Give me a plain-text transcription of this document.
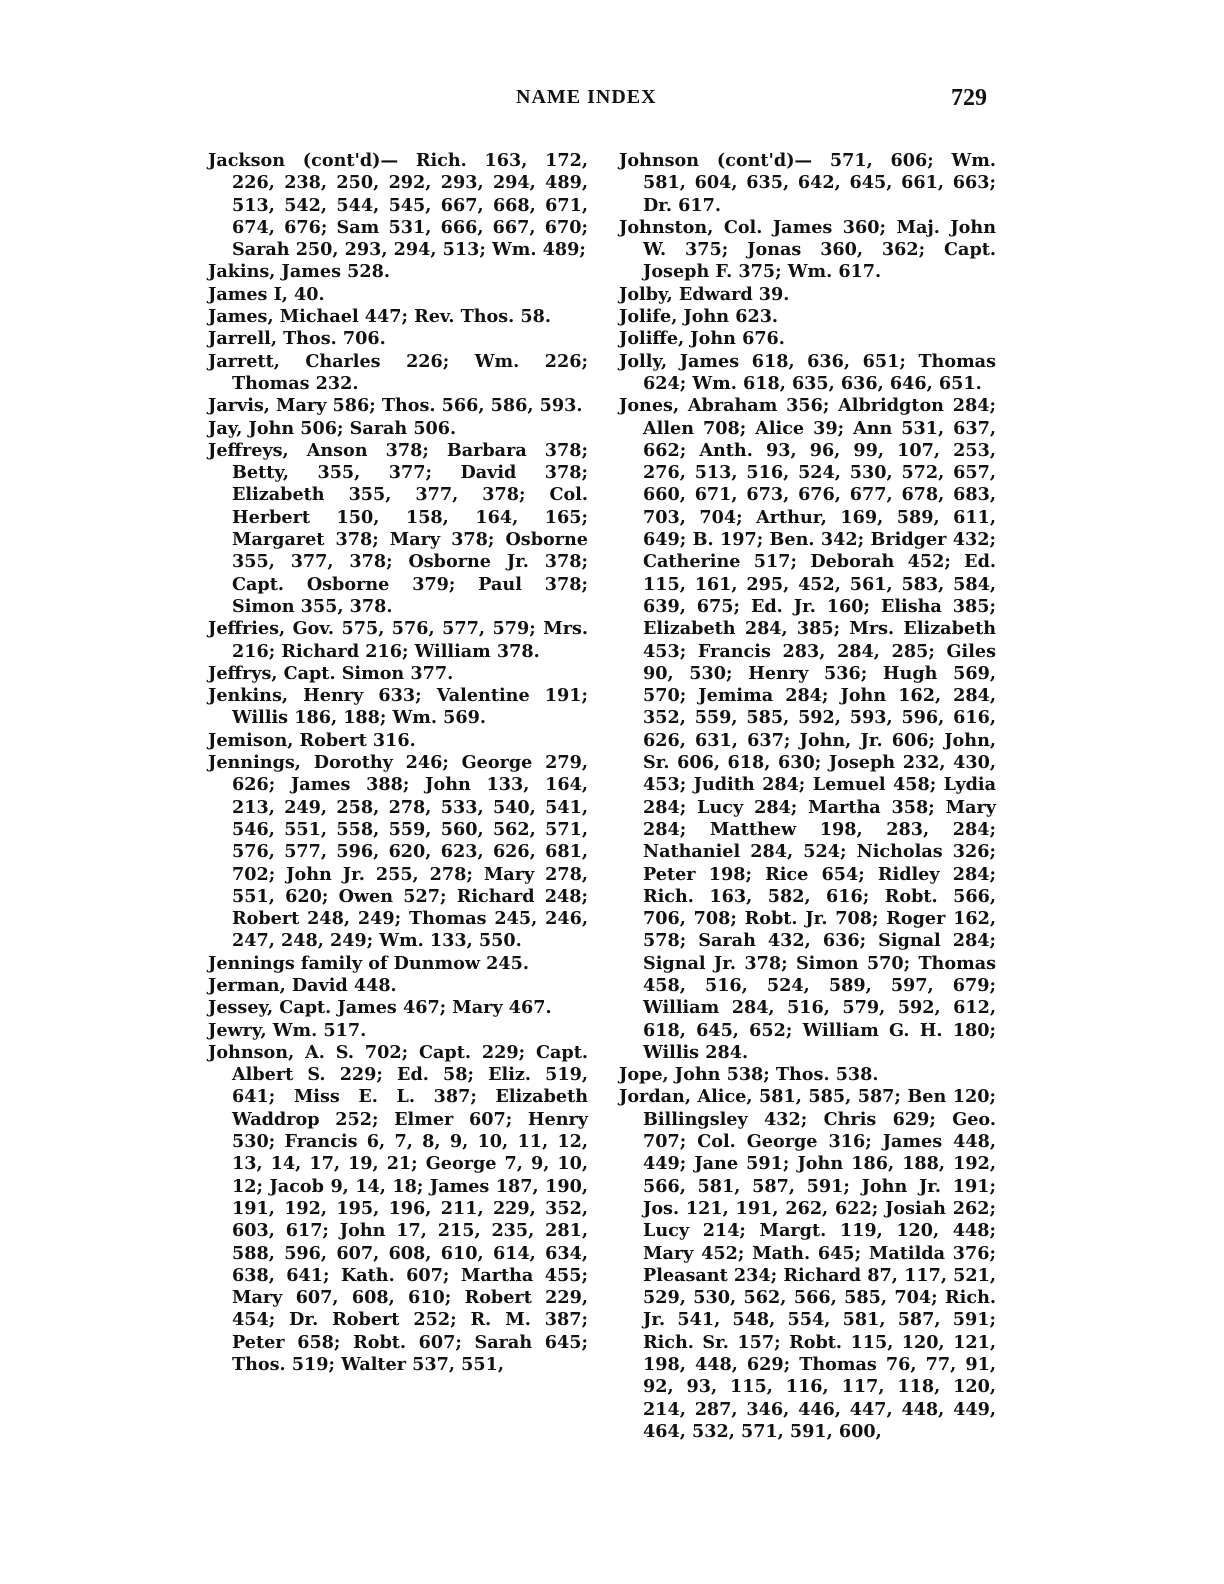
NAME INDEX	729

Jackson (cont'd)— Rich. 163, 172, 226, 238, 250, 292, 293, 294, 489, 513, 542, 544, 545, 667, 668, 671, 674, 676; Sam 531, 666, 667, 670; Sarah 250, 293, 294, 513; Wm. 489;

Jakins, James 528.

James I, 40.

James, Michael 447; Rev. Thos. 58.

Jarrell, Thos. 706.

Jarrett, Charles 226; Wm. 226; Thomas 232.

Jarvis, Mary 586; Thos. 566, 586, 593.

Jay, John 506; Sarah 506.

Jeffreys, Anson 378; Barbara 378; Betty, 355, 377; David 378; Elizabeth 355, 377, 378; Col. Herbert 150, 158, 164, 165; Margaret 378; Mary 378; Osborne 355, 377, 378; Osborne Jr. 378; Capt. Osborne 379; Paul 378; Simon 355, 378.

Jeffries, Gov. 575, 576, 577, 579; Mrs. 216; Richard 216; William 378.

Jeffrys, Capt. Simon 377.

Jenkins, Henry 633; Valentine 191; Willis 186, 188; Wm. 569.

Jemison, Robert 316.

Jennings, Dorothy 246; George 279, 626; James 388; John 133, 164, 213, 249, 258, 278, 533, 540, 541, 546, 551, 558, 559, 560, 562, 571, 576, 577, 596, 620, 623, 626, 681, 702; John Jr. 255, 278; Mary 278, 551, 620; Owen 527; Richard 248; Robert 248, 249; Thomas 245, 246, 247, 248, 249; Wm. 133, 550.

Jennings family of Dunmow 245.

Jerman, David 448.

Jessey, Capt. James 467; Mary 467.

Jewry, Wm. 517.

Johnson, A. S. 702; Capt. 229; Capt. Albert S. 229; Ed. 58; Eliz. 519, 641; Miss E. L. 387; Elizabeth Waddrop 252; Elmer 607; Henry 530; Francis 6, 7, 8, 9, 10, 11, 12, 13, 14, 17, 19, 21; George 7, 9, 10, 12; Jacob 9, 14, 18; James 187, 190, 191, 192, 195, 196, 211, 229, 352, 603, 617; John 17, 215, 235, 281, 588, 596, 607, 608, 610, 614, 634, 638, 641; Kath. 607; Martha 455; Mary 607, 608, 610; Robert 229, 454; Dr. Robert 252; R. M. 387; Peter 658; Robt. 607; Sarah 645; Thos. 519; Walter 537, 551,

Johnson (cont'd)— 571, 606; Wm. 581, 604, 635, 642, 645, 661, 663; Dr. 617.

Johnston, Col. James 360; Maj. John W. 375; Jonas 360, 362; Capt. Joseph F. 375; Wm. 617.

Jolby, Edward 39.

Jolife, John 623.

Joliffe, John 676.

Jolly, James 618, 636, 651; Thomas 624; Wm. 618, 635, 636, 646, 651.

Jones, Abraham 356; Albridgton 284; Allen 708; Alice 39; Ann 531, 637, 662; Anth. 93, 96, 99, 107, 253, 276, 513, 516, 524, 530, 572, 657, 660, 671, 673, 676, 677, 678, 683, 703, 704; Arthur, 169, 589, 611, 649; B. 197; Ben. 342; Bridger 432; Catherine 517; Deborah 452; Ed. 115, 161, 295, 452, 561, 583, 584, 639, 675; Ed. Jr. 160; Elisha 385; Elizabeth 284, 385; Mrs. Elizabeth 453; Francis 283, 284, 285; Giles 90, 530; Henry 536; Hugh 569, 570; Jemima 284; John 162, 284, 352, 559, 585, 592, 593, 596, 616, 626, 631, 637; John, Jr. 606; John, Sr. 606, 618, 630; Joseph 232, 430, 453; Judith 284; Lemuel 458; Lydia 284; Lucy 284; Martha 358; Mary 284; Matthew 198, 283, 284; Nathaniel 284, 524; Nicholas 326; Peter 198; Rice 654; Ridley 284; Rich. 163, 582, 616; Robt. 566, 706, 708; Robt. Jr. 708; Roger 162, 578; Sarah 432, 636; Signal 284; Signal Jr. 378; Simon 570; Thomas 458, 516, 524, 589, 597, 679; William 284, 516, 579, 592, 612, 618, 645, 652; William G. H. 180; Willis 284.

Jope, John 538; Thos. 538.

Jordan, Alice, 581, 585, 587; Ben 120; Billingsley 432; Chris 629; Geo. 707; Col. George 316; James 448, 449; Jane 591; John 186, 188, 192, 566, 581, 587, 591; John Jr. 191; Jos. 121, 191, 262, 622; Josiah 262; Lucy 214; Margt. 119, 120, 448; Mary 452; Math. 645; Matilda 376; Pleasant 234; Richard 87, 117, 521, 529, 530, 562, 566, 585, 704; Rich. Jr. 541, 548, 554, 581, 587, 591; Rich. Sr. 157; Robt. 115, 120, 121, 198, 448, 629; Thomas 76, 77, 91, 92, 93, 115, 116, 117, 118, 120, 214, 287, 346, 446, 447, 448, 449, 464, 532, 571, 591, 600,
